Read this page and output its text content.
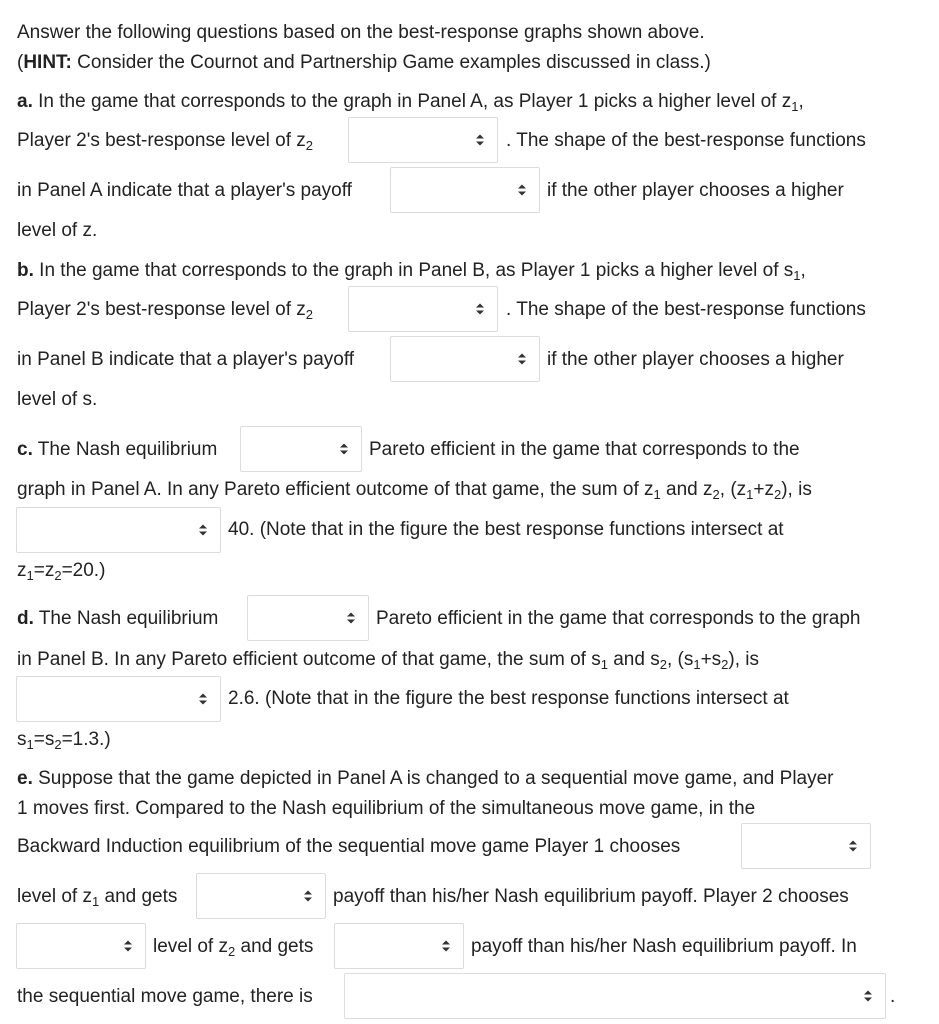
Answer the following questions based on the best-response graphs shown above.
(HINT: Consider the Cournot and Partnership Game examples discussed in class.)
a. In the game that corresponds to the graph in Panel A, as Player 1 picks a higher level of $z_1$,
Player 2's best-response level of $z_2$	. The shape of the best-response functions
in Panel A indicate that a player's payoff	if the other player chooses a higher
level of z.
b. In the game that corresponds to the graph in Panel B, as Player 1 picks a higher level of $s_1$,
Player 2's best-response level of $z_2$	. The shape of the best-response functions
in Panel B indicate that a player's payoff	if the other player chooses a higher
level of s.
c. The Nash equilibrium	Pareto efficient in the game that corresponds to the
graph in Panel A. In any Pareto efficient outcome of that game, the sum of $z_1$ and $z_2$, $(z_1+z_2)$, is
40. (Note that in the figure the best response functions intersect at
$z_1=z_2=20$.)
d. The Nash equilibrium	Pareto efficient in the game that corresponds to the graph
in Panel B. In any Pareto efficient outcome of that game, the sum of $s_1$ and $s_2$, $(s_1+s_2)$, is
2.6. (Note that in the figure the best response functions intersect at
$s_1=s_2=1.3$.)
e. Suppose that the game depicted in Panel A is changed to a sequential move game, and Player
1 moves first. Compared to the Nash equilibrium of the simultaneous move game, in the
Backward Induction equilibrium of the sequential move game Player 1 chooses
level of $z_1$ and gets	payoff than his/her Nash equilibrium payoff. Player 2 chooses
level of $z_2$ and gets	payoff than his/her Nash equilibrium payoff. In
the sequential move game, there is	.
